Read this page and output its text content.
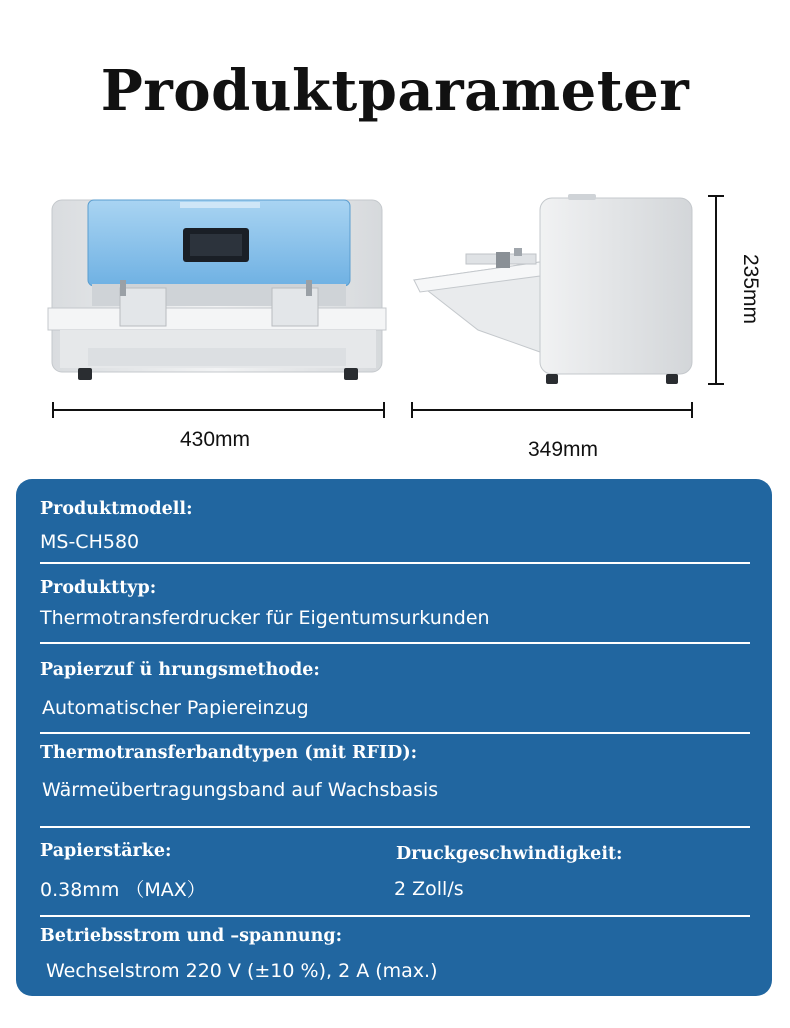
Produktparameter
430mm	349mm
235mm
Produktmodell:
MS-CH580
Produkttyp:
Thermotransferdrucker für Eigentumsurkunden
Papierzuf ü hrungsmethode:
Automatischer Papiereinzug
Thermotransferbandtypen (mit RFID):
Wärmeübertragungsband auf Wachsbasis
Papierstärke:
0.38mm （MAX）
Druckgeschwindigkeit:
2 Zoll/s
Betriebsstrom und –spannung:
Wechselstrom 220 V (±10 %), 2 A (max.)
